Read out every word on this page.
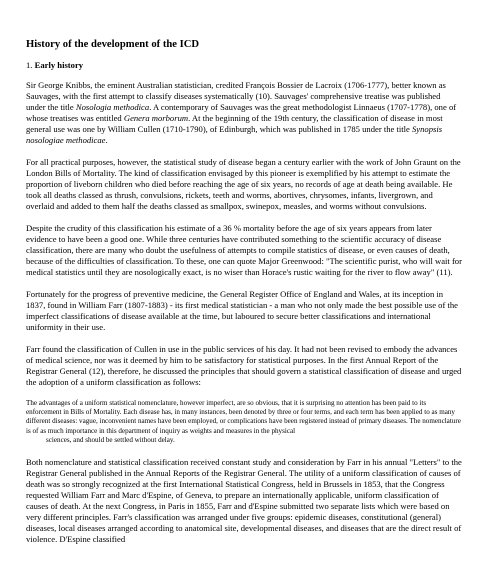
History of the development of the ICD
1. Early history

Sir George Knibbs, the eminent Australian statistician, credited François Bossier de Lacroix (1706-1777), better known as Sauvages, with the first attempt to classify diseases systematically (10). Sauvages' comprehensive treatise was published under the title Nosologia methodica. A contemporary of Sauvages was the great methodologist Linnaeus (1707-1778), one of whose treatises was entitled Genera morborum. At the beginning of the 19th century, the classification of disease in most general use was one by William Cullen (1710-1790), of Edinburgh, which was published in 1785 under the title Synopsis nosologiae methodicae.

For all practical purposes, however, the statistical study of disease began a century earlier with the work of John Graunt on the London Bills of Mortality. The kind of classification envisaged by this pioneer is exemplified by his attempt to estimate the proportion of liveborn children who died before reaching the age of six years, no records of age at death being available. He took all deaths classed as thrush, convulsions, rickets, teeth and worms, abortives, chrysomes, infants, livergrown, and overlaid and added to them half the deaths classed as smallpox, swinepox, measles, and worms without convulsions.

Despite the crudity of this classification his estimate of a 36 % mortality before the age of six years appears from later evidence to have been a good one. While three centuries have contributed something to the scientific accuracy of disease classification, there are many who doubt the usefulness of attempts to compile statistics of disease, or even causes of death, because of the difficulties of classification. To these, one can quote Major Greenwood: "The scientific purist, who will wait for medical statistics until they are nosologically exact, is no wiser than Horace's rustic waiting for the river to flow away" (11).

Fortunately for the progress of preventive medicine, the General Register Office of England and Wales, at its inception in 1837, found in William Farr (1807-1883) - its first medical statistician - a man who not only made the best possible use of the imperfect classifications of disease available at the time, but laboured to secure better classifications and international uniformity in their use.

Farr found the classification of Cullen in use in the public services of his day. It had not been revised to embody the advances of medical science, nor was it deemed by him to be satisfactory for statistical purposes. In the first Annual Report of the Registrar General (12), therefore, he discussed the principles that should govern a statistical classification of disease and urged the adoption of a uniform classification as follows:

The advantages of a uniform statistical nomenclature, however imperfect, are so obvious, that it is surprising no attention has been paid to its enforcement in Bills of Mortality. Each disease has, in many instances, been denoted by three or four terms, and each term has been applied to as many different diseases: vague, inconvenient names have been employed, or complications have been registered instead of primary diseases. The nomenclature is of as much importance in this department of inquiry as weights and measures in the physical
sciences, and should be settled without delay.

Both nomenclature and statistical classification received constant study and consideration by Farr in his annual "Letters" to the Registrar General published in the Annual Reports of the Registrar General. The utility of a uniform classification of causes of death was so strongly recognized at the first International Statistical Congress, held in Brussels in 1853, that the Congress requested William Farr and Marc d'Espine, of Geneva, to prepare an internationally applicable, uniform classification of causes of death. At the next Congress, in Paris in 1855, Farr and d'Espine submitted two separate lists which were based on very different principles. Farr's classification was arranged under five groups: epidemic diseases, constitutional (general) diseases, local diseases arranged according to anatomical site, developmental diseases, and diseases that are the direct result of violence. D'Espine classified
